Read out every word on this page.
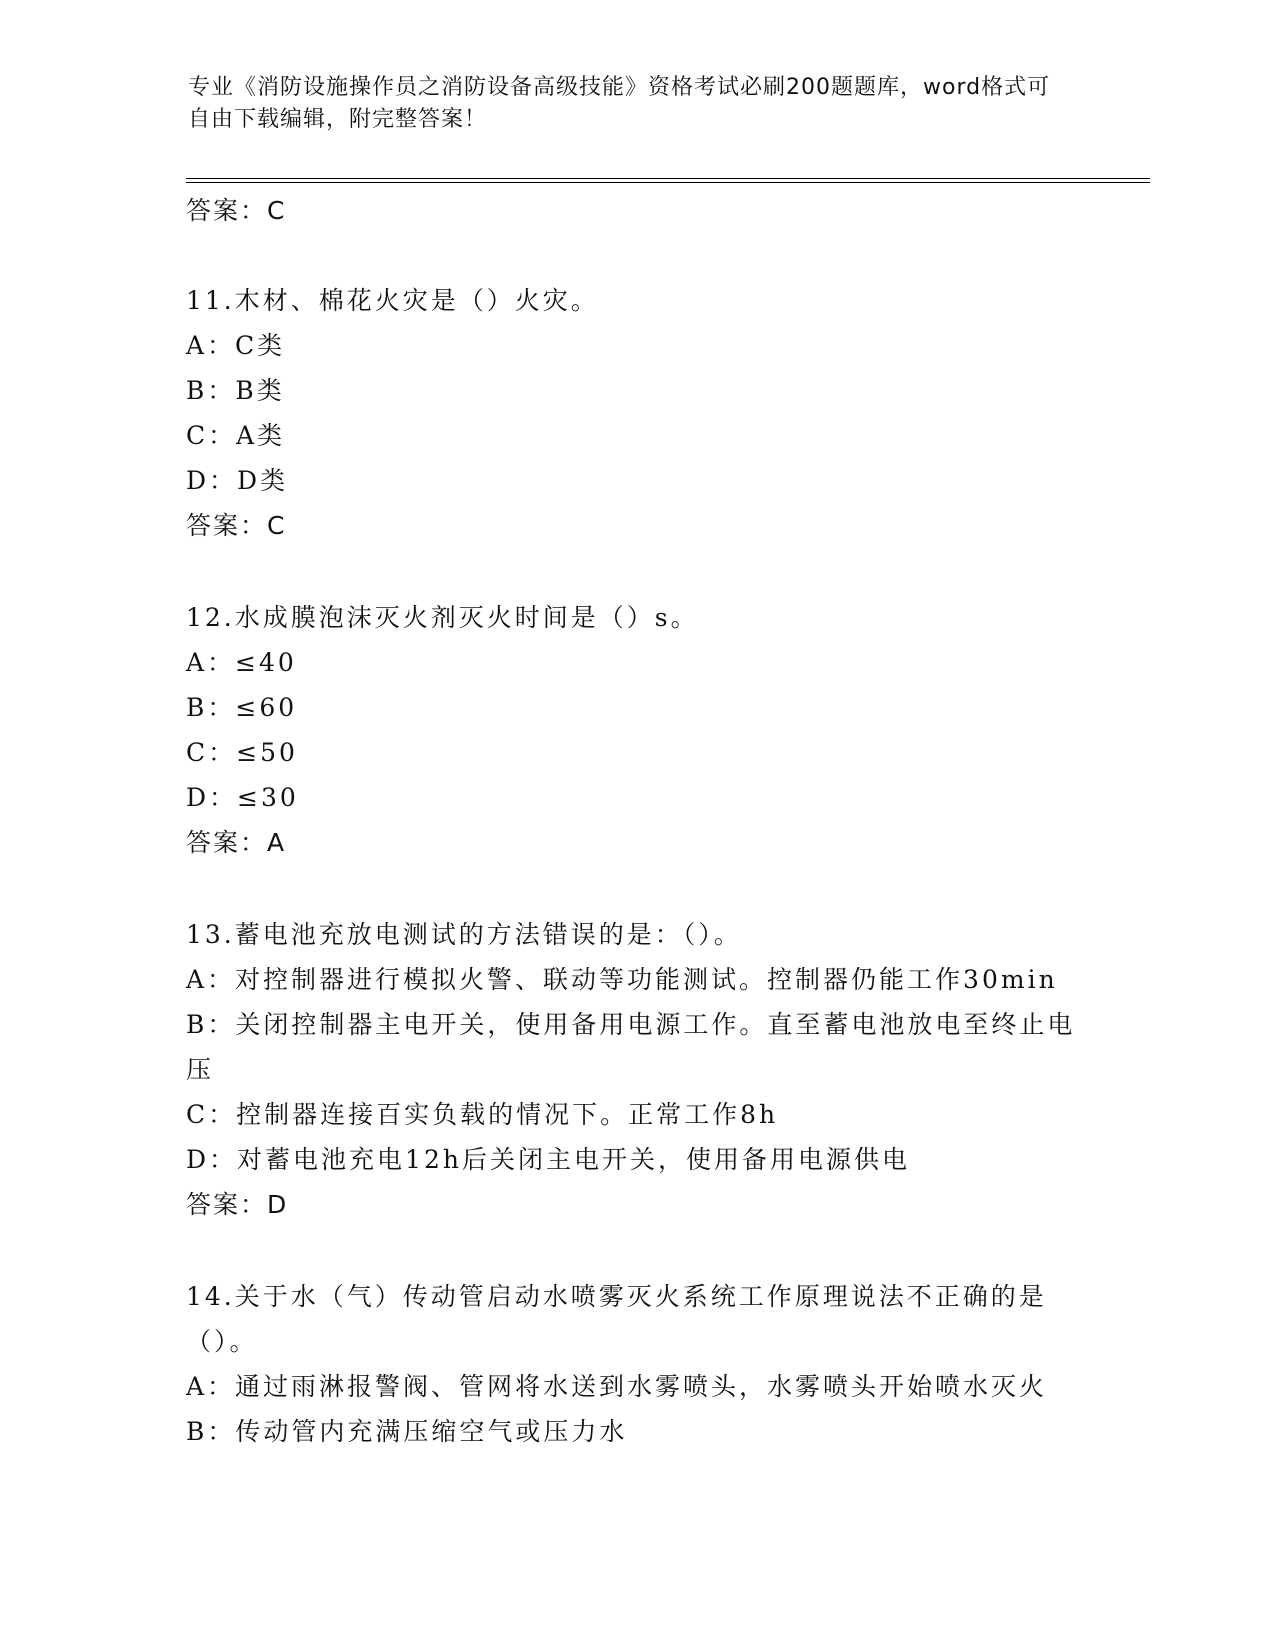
专业《消防设施操作员之消防设备高级技能》资格考试必刷200题题库，word格式可自由下载编辑，附完整答案！
答案：C
11.木材、棉花火灾是（）火灾。
A：C类
B：B类
C：A类
D：D类
答案：C
12.水成膜泡沫灭火剂灭火时间是（）s。
A：≤40
B：≤60
C：≤50
D：≤30
答案：A
13.蓄电池充放电测试的方法错误的是：（）。
A：对控制器进行模拟火警、联动等功能测试。控制器仍能工作30min
B：关闭控制器主电开关，使用备用电源工作。直至蓄电池放电至终止电压
C：控制器连接百实负载的情况下。正常工作8h
D：对蓄电池充电12h后关闭主电开关，使用备用电源供电
答案：D
14.关于水（气）传动管启动水喷雾灭火系统工作原理说法不正确的是（）。
A：通过雨淋报警阀、管网将水送到水雾喷头，水雾喷头开始喷水灭火
B：传动管内充满压缩空气或压力水
